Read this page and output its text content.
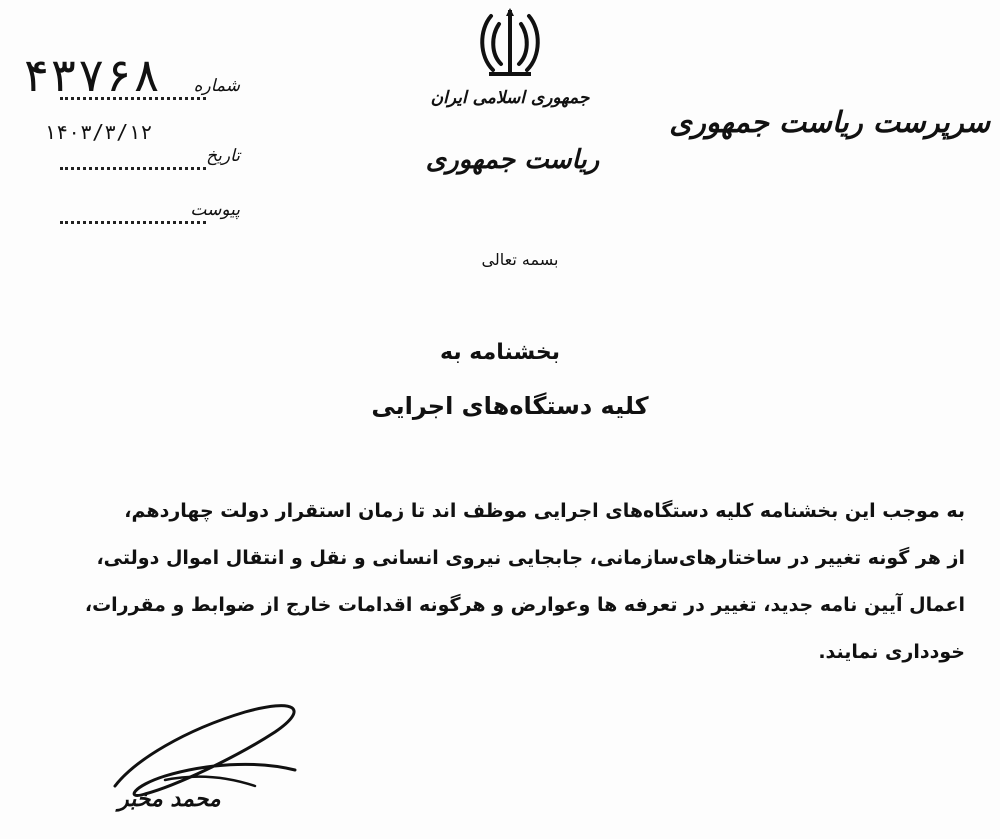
جمهوری اسلامی ایران
ریاست جمهوری
سرپرست ریاست جمهوری
۴۳۷۶۸	شماره
۱۴۰۳/۳/۱۲
تاریخ
پیوست
بسمه تعالی
بخشنامه به
کلیه دستگاه‌های اجرایی
به موجب این بخشنامه کلیه دستگاه‌های اجرایی موظف اند تا زمان استقرار دولت چهاردهم،
از هر گونه تغییر در ساختارهای‌سازمانی، جابجایی نیروی انسانی و نقل و انتقال اموال دولتی،
اعمال آیین نامه جدید، تغییر در تعرفه ها وعوارض و هرگونه اقدامات خارج از ضوابط و مقررات،
خودداری نمایند.
محمد مخبر
